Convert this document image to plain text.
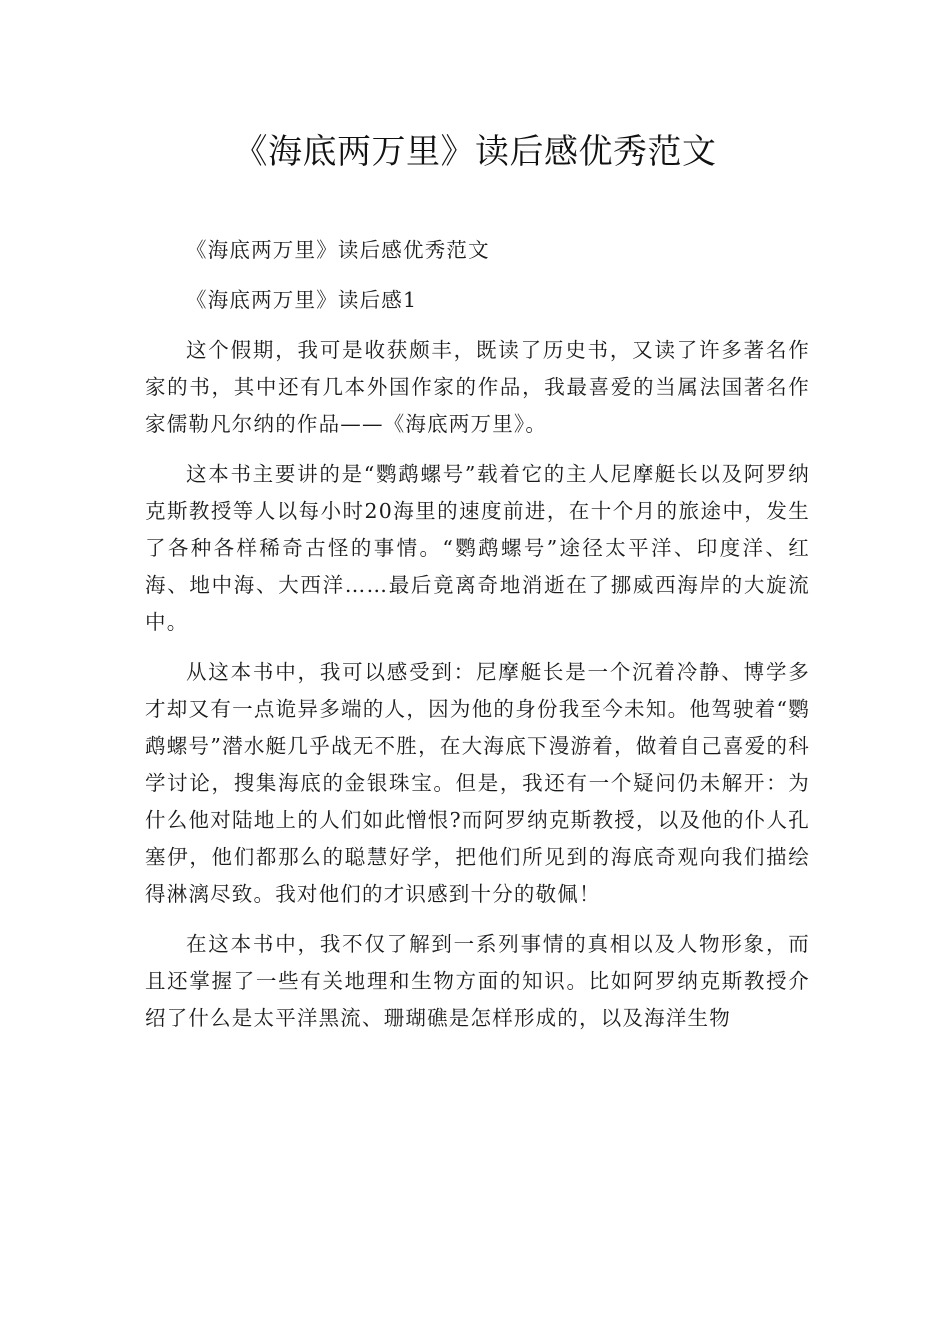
《海底两万里》读后感优秀范文

《海底两万里》读后感优秀范文

《海底两万里》读后感1

这个假期，我可是收获颇丰，既读了历史书，又读了许多著名作家的书，其中还有几本外国作家的作品，我最喜爱的当属法国著名作家儒勒凡尔纳的作品——《海底两万里》。

这本书主要讲的是“鹦鹉螺号”载着它的主人尼摩艇长以及阿罗纳克斯教授等人以每小时20海里的速度前进，在十个月的旅途中，发生了各种各样稀奇古怪的事情。“鹦鹉螺号”途径太平洋、印度洋、红海、地中海、大西洋……最后竟离奇地消逝在了挪威西海岸的大旋流中。

从这本书中，我可以感受到：尼摩艇长是一个沉着冷静、博学多才却又有一点诡异多端的人，因为他的身份我至今未知。他驾驶着“鹦鹉螺号”潜水艇几乎战无不胜，在大海底下漫游着，做着自己喜爱的科学讨论，搜集海底的金银珠宝。但是，我还有一个疑问仍未解开：为什么他对陆地上的人们如此憎恨?而阿罗纳克斯教授，以及他的仆人孔塞伊，他们都那么的聪慧好学，把他们所见到的海底奇观向我们描绘得淋漓尽致。我对他们的才识感到十分的敬佩！

在这本书中，我不仅了解到一系列事情的真相以及人物形象，而且还掌握了一些有关地理和生物方面的知识。比如阿罗纳克斯教授介绍了什么是太平洋黑流、珊瑚礁是怎样形成的，以及海洋生物
